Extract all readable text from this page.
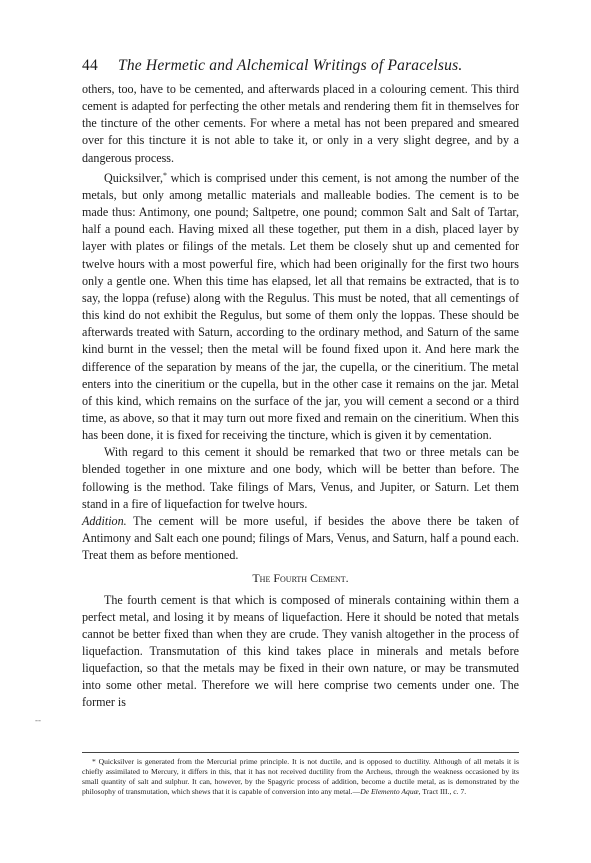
44 The Hermetic and Alchemical Writings of Paracelsus.

others, too, have to be cemented, and afterwards placed in a colouring cement. This third cement is adapted for perfecting the other metals and rendering them fit in themselves for the tincture of the other cements. For where a metal has not been prepared and smeared over for this tincture it is not able to take it, or only in a very slight degree, and by a dangerous process.

Quicksilver,* which is comprised under this cement, is not among the number of the metals, but only among metallic materials and malleable bodies. The cement is to be made thus: Antimony, one pound; Saltpetre, one pound; common Salt and Salt of Tartar, half a pound each. Having mixed all these together, put them in a dish, placed layer by layer with plates or filings of the metals. Let them be closely shut up and cemented for twelve hours with a most powerful fire, which had been originally for the first two hours only a gentle one. When this time has elapsed, let all that remains be extracted, that is to say, the loppa (refuse) along with the Regulus. This must be noted, that all cementings of this kind do not exhibit the Regulus, but some of them only the loppas. These should be afterwards treated with Saturn, according to the ordinary method, and Saturn of the same kind burnt in the vessel; then the metal will be found fixed upon it. And here mark the difference of the separation by means of the jar, the cupella, or the cineritium. The metal enters into the cineritium or the cupella, but in the other case it remains on the jar. Metal of this kind, which remains on the surface of the jar, you will cement a second or a third time, as above, so that it may turn out more fixed and remain on the cineritium. When this has been done, it is fixed for receiving the tincture, which is given it by cementation.

With regard to this cement it should be remarked that two or three metals can be blended together in one mixture and one body, which will be better than before. The following is the method. Take filings of Mars, Venus, and Jupiter, or Saturn. Let them stand in a fire of liquefaction for twelve hours.

Addition. The cement will be more useful, if besides the above there be taken of Antimony and Salt each one pound; filings of Mars, Venus, and Saturn, half a pound each. Treat them as before mentioned.

The Fourth Cement.

The fourth cement is that which is composed of minerals containing within them a perfect metal, and losing it by means of liquefaction. Here it should be noted that metals cannot be better fixed than when they are crude. They vanish altogether in the process of liquefaction. Transmutation of this kind takes place in minerals and metals before liquefaction, so that the metals may be fixed in their own nature, or may be transmuted into some other metal. Therefore we will here comprise two cements under one. The former is

--

* Quicksilver is generated from the Mercurial prime principle. It is not ductile, and is opposed to ductility. Although of all metals it is chiefly assimilated to Mercury, it differs in this, that it has not received ductility from the Archeus, through the weakness occasioned by its small quantity of salt and sulphur. It can, however, by the Spagyric process of addition, become a ductile metal, as is demonstrated by the philosophy of transmutation, which shews that it is capable of conversion into any metal.—De Elemento Aquæ, Tract III., c. 7.
